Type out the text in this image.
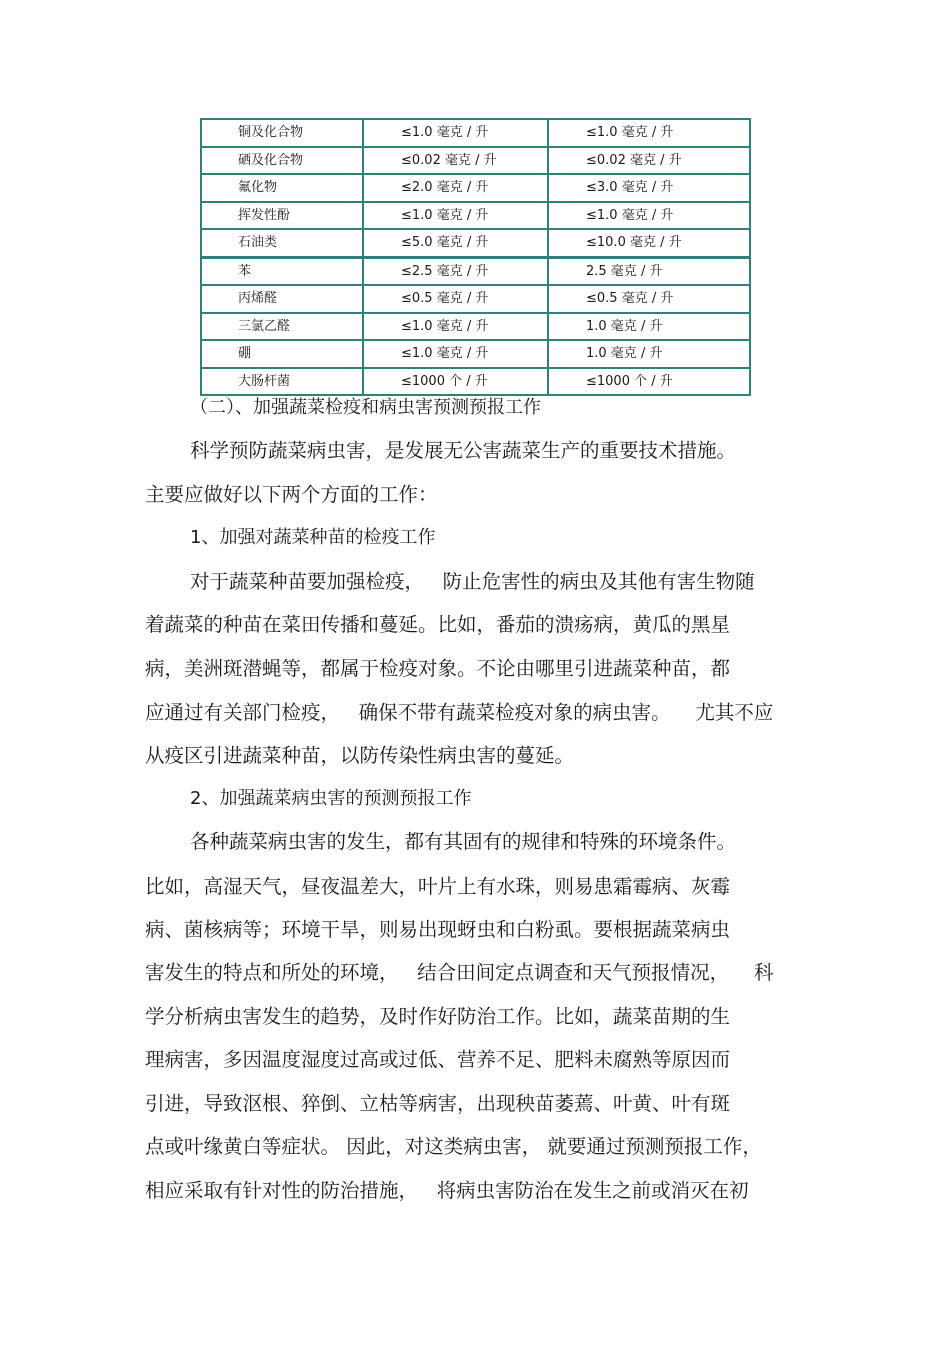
铜及化合物	≤1.0 毫克 / 升	≤1.0 毫克 / 升
硒及化合物	≤0.02 毫克 / 升	≤0.02 毫克 / 升
氟化物	≤2.0 毫克 / 升	≤3.0 毫克 / 升
挥发性酚	≤1.0 毫克 / 升	≤1.0 毫克 / 升
石油类	≤5.0 毫克 / 升	≤10.0 毫克 / 升
苯	≤2.5 毫克 / 升	2.5 毫克 / 升
丙烯醛	≤0.5 毫克 / 升	≤0.5 毫克 / 升
三氯乙醛	≤1.0 毫克 / 升	1.0 毫克 / 升
硼	≤1.0 毫克 / 升	1.0 毫克 / 升
大肠杆菌	≤1000 个 / 升	≤1000 个 / 升
（二）、加强蔬菜检疫和病虫害预测预报工作
科学预防蔬菜病虫害，是发展无公害蔬菜生产的重要技术措施。
主要应做好以下两个方面的工作：
1、加强对蔬菜种苗的检疫工作
对于蔬菜种苗要加强检疫，   防止危害性的病虫及其他有害生物随
着蔬菜的种苗在菜田传播和蔓延。比如，番茄的溃疡病，黄瓜的黑星
病，美洲斑潜蝇等，都属于检疫对象。不论由哪里引进蔬菜种苗，都
应通过有关部门检疫，   确保不带有蔬菜检疫对象的病虫害。    尤其不应
从疫区引进蔬菜种苗，以防传染性病虫害的蔓延。
2、加强蔬菜病虫害的预测预报工作
各种蔬菜病虫害的发生，都有其固有的规律和特殊的环境条件。
比如，高湿天气，昼夜温差大，叶片上有水珠，则易患霜霉病、灰霉
病、菌核病等；环境干旱，则易出现蚜虫和白粉虱。要根据蔬菜病虫
害发生的特点和所处的环境，   结合田间定点调查和天气预报情况，    科
学分析病虫害发生的趋势，及时作好防治工作。比如，蔬菜苗期的生
理病害，多因温度湿度过高或过低、营养不足、肥料未腐熟等原因而
引进，导致沤根、猝倒、立枯等病害，出现秧苗萎蔫、叶黄、叶有斑
点或叶缘黄白等症状。 因此，对这类病虫害， 就要通过预测预报工作，
相应采取有针对性的防治措施，   将病虫害防治在发生之前或消灭在初
